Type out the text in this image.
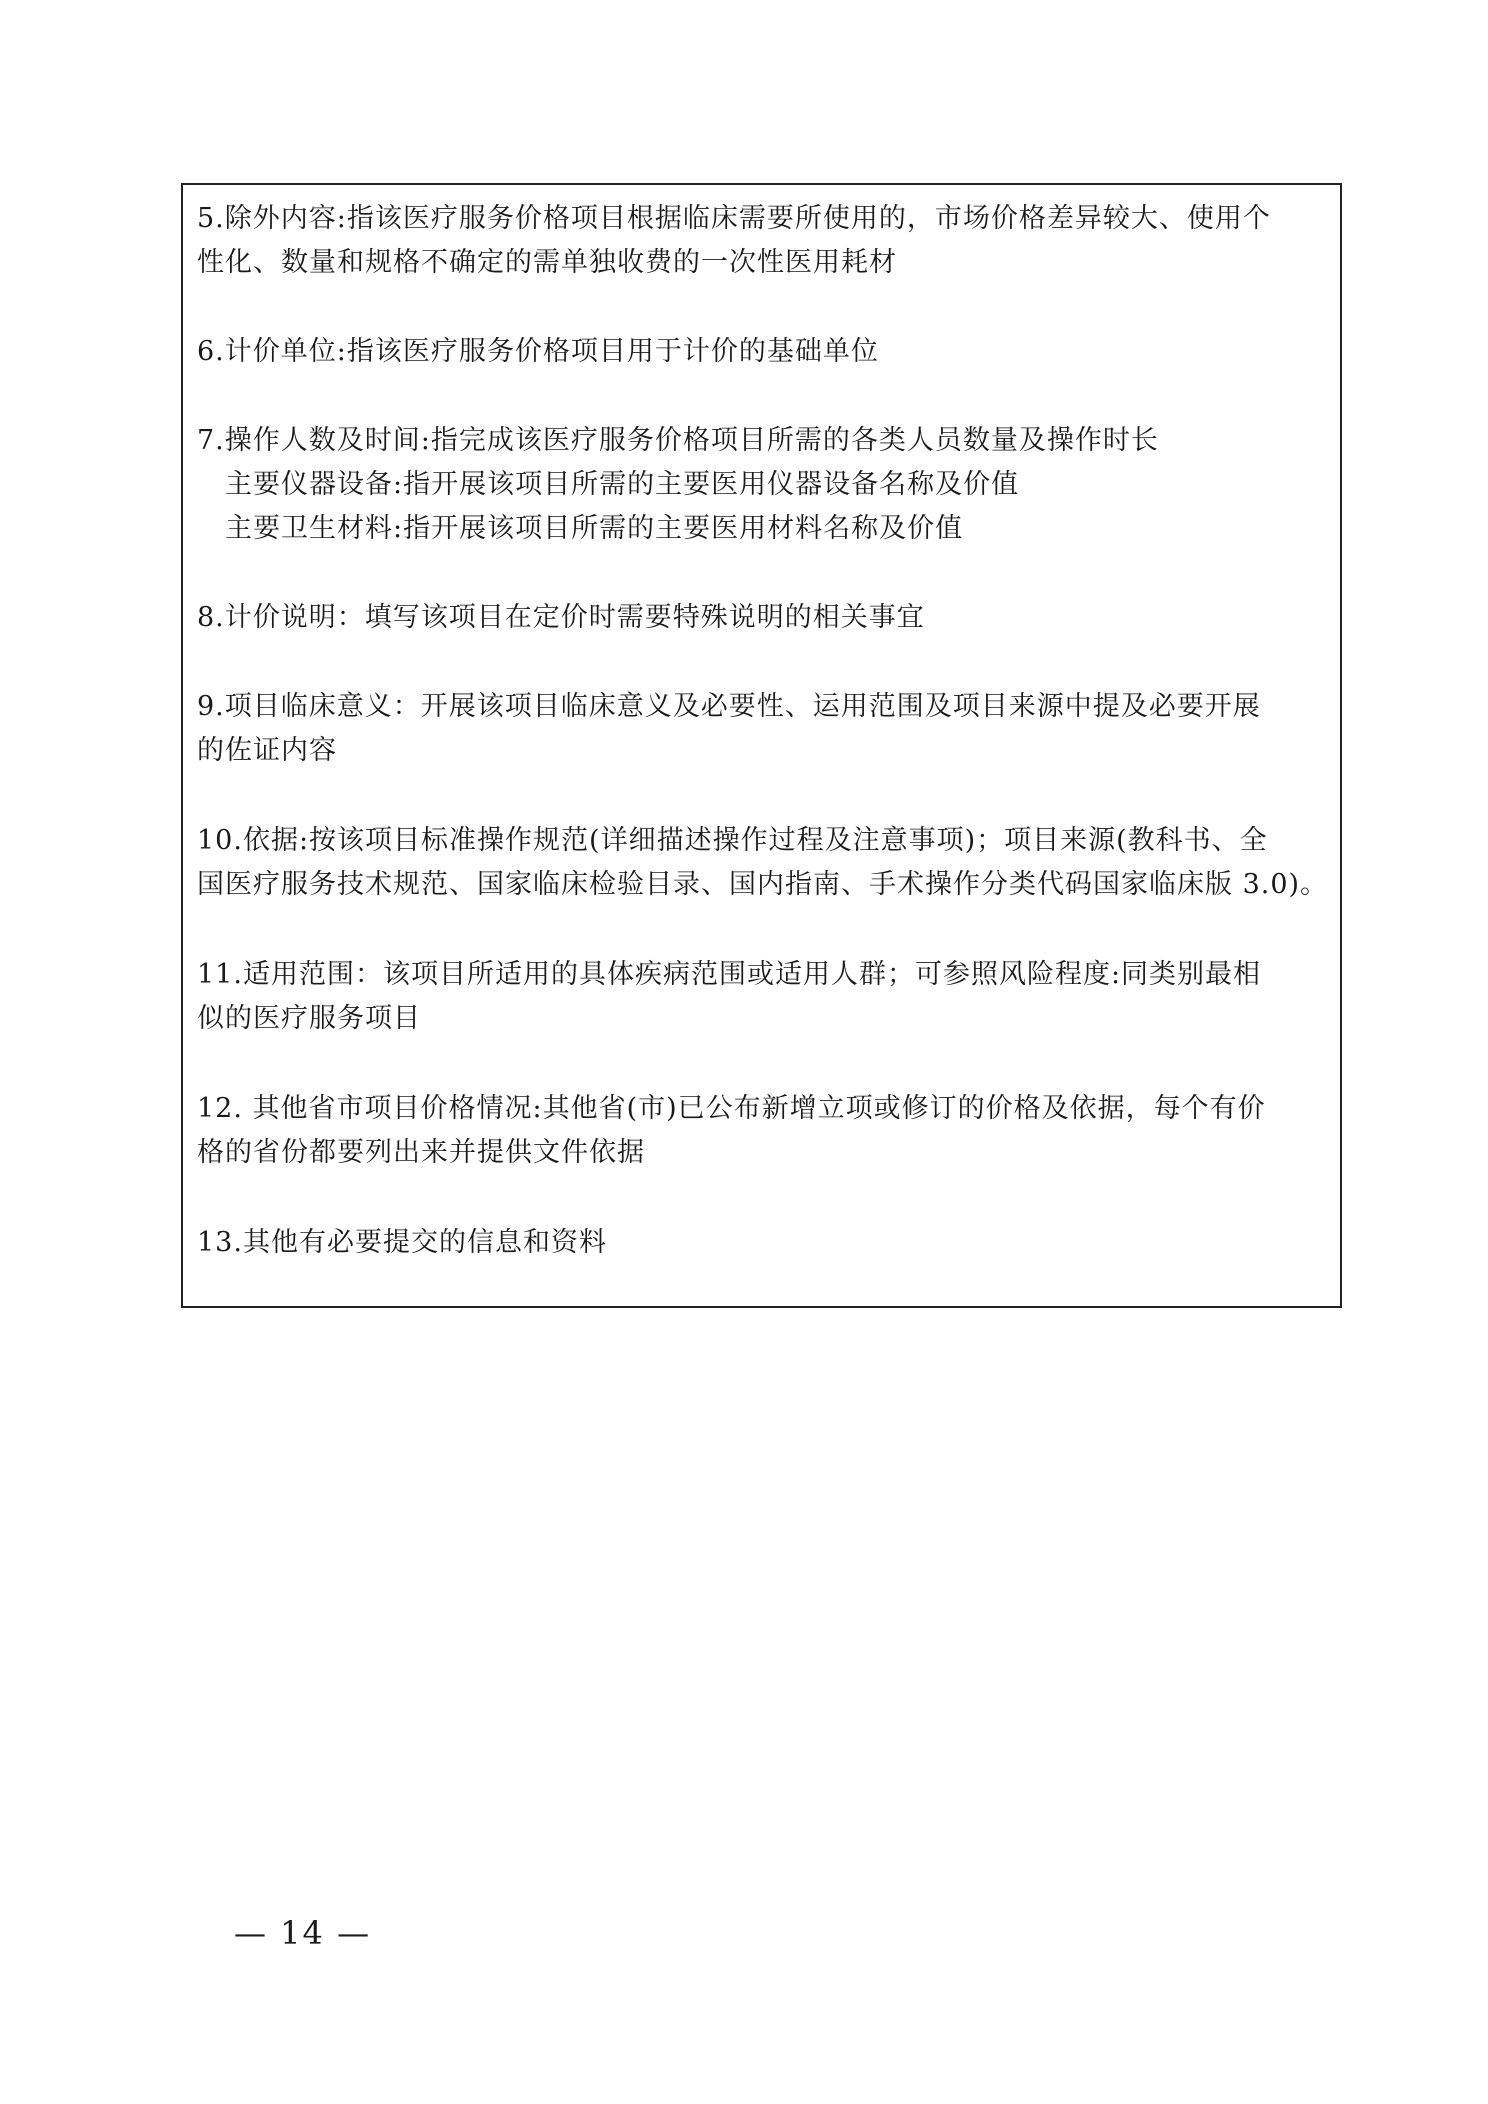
5.除外内容:指该医疗服务价格项目根据临床需要所使用的，市场价格差异较大、使用个

性化、数量和规格不确定的需单独收费的一次性医用耗材

6.计价单位:指该医疗服务价格项目用于计价的基础单位

7.操作人数及时间:指完成该医疗服务价格项目所需的各类人员数量及操作时长

主要仪器设备:指开展该项目所需的主要医用仪器设备名称及价值

主要卫生材料:指开展该项目所需的主要医用材料名称及价值

8.计价说明：填写该项目在定价时需要特殊说明的相关事宜

9.项目临床意义：开展该项目临床意义及必要性、运用范围及项目来源中提及必要开展

的佐证内容

10.依据:按该项目标准操作规范(详细描述操作过程及注意事项)；项目来源(教科书、全

国医疗服务技术规范、国家临床检验目录、国内指南、手术操作分类代码国家临床版 3.0)。

11.适用范围：该项目所适用的具体疾病范围或适用人群；可参照风险程度:同类别最相

似的医疗服务项目

12. 其他省市项目价格情况:其他省(市)已公布新增立项或修订的价格及依据，每个有价

格的省份都要列出来并提供文件依据

13.其他有必要提交的信息和资料

— 14 —
